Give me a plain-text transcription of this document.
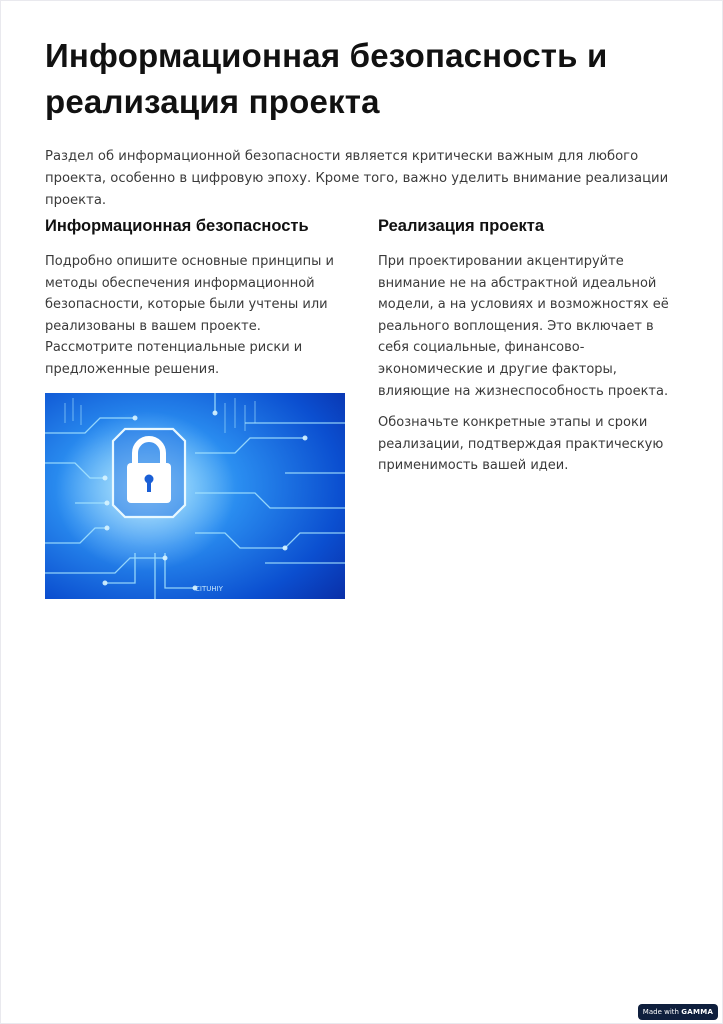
Информационная безопасность и реализация проекта

Раздел об информационной безопасности является критически важным для любого проекта, особенно в цифровую эпоху. Кроме того, важно уделить внимание реализации проекта.

Информационная безопасность	Реализация проекта

Подробно опишите основные принципы и методы обеспечения информационной безопасности, которые были учтены или реализованы в вашем проекте. Рассмотрите потенциальные риски и предложенные решения.

При проектировании акцентируйте внимание не на абстрактной идеальной модели, а на условиях и возможностях её реального воплощения. Это включает в себя социальные, финансово-экономические и другие факторы, влияющие на жизнеспособность проекта.

Обозначьте конкретные этапы и сроки реализации, подтверждая практическую применимость вашей идеи.

CITUHIY
Made with GAMMA
